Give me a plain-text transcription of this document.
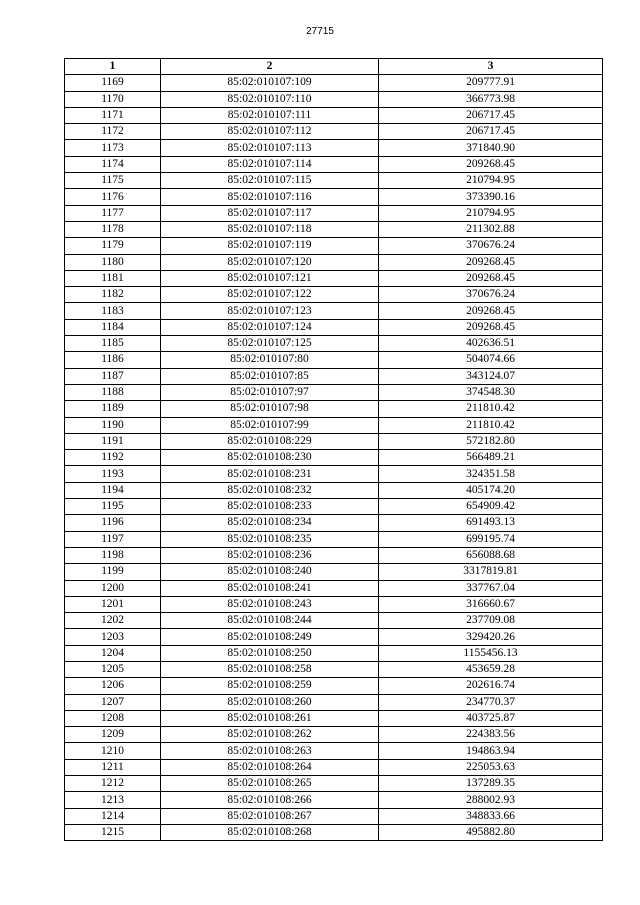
27715
1	2	3
1169	85:02:010107:109	209777.91
1170	85:02:010107:110	366773.98
1171	85:02:010107:111	206717.45
1172	85:02:010107:112	206717.45
1173	85:02:010107:113	371840.90
1174	85:02:010107:114	209268.45
1175	85:02:010107:115	210794.95
1176	85:02:010107:116	373390.16
1177	85:02:010107:117	210794.95
1178	85:02:010107:118	211302.88
1179	85:02:010107:119	370676.24
1180	85:02:010107:120	209268.45
1181	85:02:010107:121	209268.45
1182	85:02:010107:122	370676.24
1183	85:02:010107:123	209268.45
1184	85:02:010107:124	209268.45
1185	85:02:010107:125	402636.51
1186	85:02:010107:80	504074.66
1187	85:02:010107:85	343124.07
1188	85:02:010107:97	374548.30
1189	85:02:010107:98	211810.42
1190	85:02:010107:99	211810.42
1191	85:02:010108:229	572182.80
1192	85:02:010108:230	566489.21
1193	85:02:010108:231	324351.58
1194	85:02:010108:232	405174.20
1195	85:02:010108:233	654909.42
1196	85:02:010108:234	691493.13
1197	85:02:010108:235	699195.74
1198	85:02:010108:236	656088.68
1199	85:02:010108:240	3317819.81
1200	85:02:010108:241	337767.04
1201	85:02:010108:243	316660.67
1202	85:02:010108:244	237709.08
1203	85:02:010108:249	329420.26
1204	85:02:010108:250	1155456.13
1205	85:02:010108:258	453659.28
1206	85:02:010108:259	202616.74
1207	85:02:010108:260	234770.37
1208	85:02:010108:261	403725.87
1209	85:02:010108:262	224383.56
1210	85:02:010108:263	194863.94
1211	85:02:010108:264	225053.63
1212	85:02:010108:265	137289.35
1213	85:02:010108:266	288002.93
1214	85:02:010108:267	348833.66
1215	85:02:010108:268	495882.80
